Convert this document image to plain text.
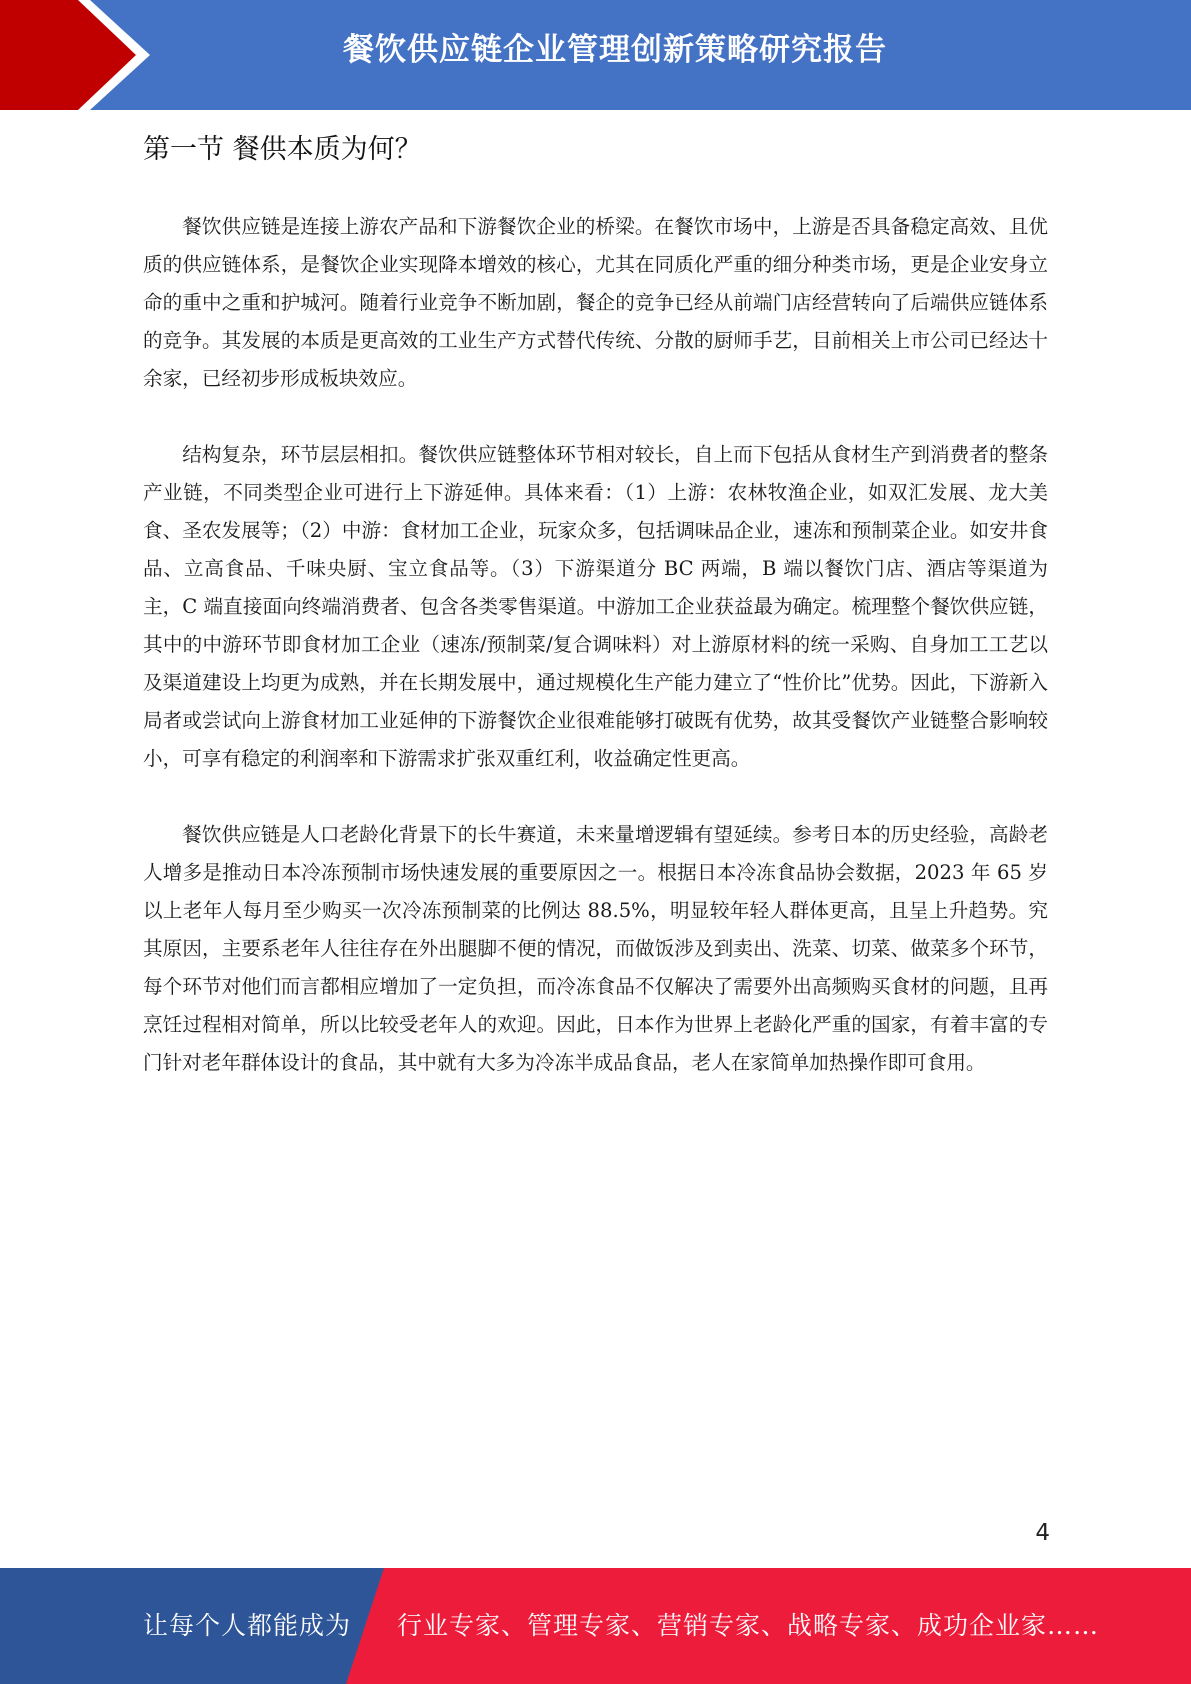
餐饮供应链企业管理创新策略研究报告
第一节 餐供本质为何？

餐饮供应链是连接上游农产品和下游餐饮企业的桥梁。在餐饮市场中，上游是否具备稳定高效、且优质的供应链体系，是餐饮企业实现降本增效的核心，尤其在同质化严重的细分种类市场，更是企业安身立命的重中之重和护城河。随着行业竞争不断加剧，餐企的竞争已经从前端门店经营转向了后端供应链体系的竞争。其发展的本质是更高效的工业生产方式替代传统、分散的厨师手艺，目前相关上市公司已经达十余家，已经初步形成板块效应。

结构复杂，环节层层相扣。餐饮供应链整体环节相对较长，自上而下包括从食材生产到消费者的整条产业链，不同类型企业可进行上下游延伸。具体来看：（1）上游：农林牧渔企业，如双汇发展、龙大美食、圣农发展等；（2）中游：食材加工企业，玩家众多，包括调味品企业，速冻和预制菜企业。如安井食品、立高食品、千味央厨、宝立食品等。（3）下游渠道分 BC 两端，B 端以餐饮门店、酒店等渠道为主，C 端直接面向终端消费者、包含各类零售渠道。中游加工企业获益最为确定。梳理整个餐饮供应链，其中的中游环节即食材加工企业（速冻/预制菜/复合调味料）对上游原材料的统一采购、自身加工工艺以及渠道建设上均更为成熟，并在长期发展中，通过规模化生产能力建立了“性价比”优势。因此，下游新入局者或尝试向上游食材加工业延伸的下游餐饮企业很难能够打破既有优势，故其受餐饮产业链整合影响较小，可享有稳定的利润率和下游需求扩张双重红利，收益确定性更高。

餐饮供应链是人口老龄化背景下的长牛赛道，未来量增逻辑有望延续。参考日本的历史经验，高龄老人增多是推动日本冷冻预制市场快速发展的重要原因之一。根据日本冷冻食品协会数据，2023 年 65 岁以上老年人每月至少购买一次冷冻预制菜的比例达 88.5%，明显较年轻人群体更高，且呈上升趋势。究其原因，主要系老年人往往存在外出腿脚不便的情况，而做饭涉及到卖出、洗菜、切菜、做菜多个环节，每个环节对他们而言都相应增加了一定负担，而冷冻食品不仅解决了需要外出高频购买食材的问题，且再烹饪过程相对简单，所以比较受老年人的欢迎。因此，日本作为世界上老龄化严重的国家，有着丰富的专门针对老年群体设计的食品，其中就有大多为冷冻半成品食品，老人在家简单加热操作即可食用。

4
让每个人都能成为 行业专家、管理专家、营销专家、战略专家、成功企业家……
